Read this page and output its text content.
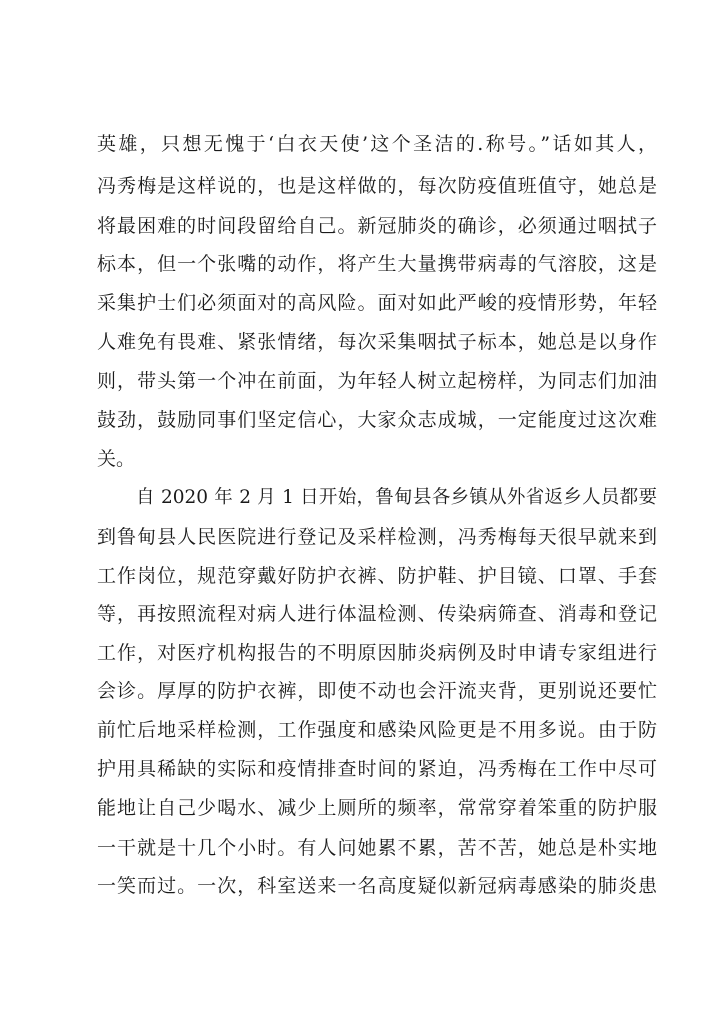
英雄，只想无愧于‘白衣天使’这个圣洁的.称号。”话如其人，
冯秀梅是这样说的，也是这样做的，每次防疫值班值守，她总是
将最困难的时间段留给自己。新冠肺炎的确诊，必须通过咽拭子
标本，但一个张嘴的动作，将产生大量携带病毒的气溶胶，这是
采集护士们必须面对的高风险。面对如此严峻的疫情形势，年轻
人难免有畏难、紧张情绪，每次采集咽拭子标本，她总是以身作
则，带头第一个冲在前面，为年轻人树立起榜样，为同志们加油
鼓劲，鼓励同事们坚定信心，大家众志成城，一定能度过这次难
关。
自 2020 年 2 月 1 日开始，鲁甸县各乡镇从外省返乡人员都要
到鲁甸县人民医院进行登记及采样检测，冯秀梅每天很早就来到
工作岗位，规范穿戴好防护衣裤、防护鞋、护目镜、口罩、手套
等，再按照流程对病人进行体温检测、传染病筛查、消毒和登记
工作，对医疗机构报告的不明原因肺炎病例及时申请专家组进行
会诊。厚厚的防护衣裤，即使不动也会汗流夹背，更别说还要忙
前忙后地采样检测，工作强度和感染风险更是不用多说。由于防
护用具稀缺的实际和疫情排查时间的紧迫，冯秀梅在工作中尽可
能地让自己少喝水、减少上厕所的频率，常常穿着笨重的防护服
一干就是十几个小时。有人问她累不累，苦不苦，她总是朴实地
一笑而过。一次，科室送来一名高度疑似新冠病毒感染的肺炎患
